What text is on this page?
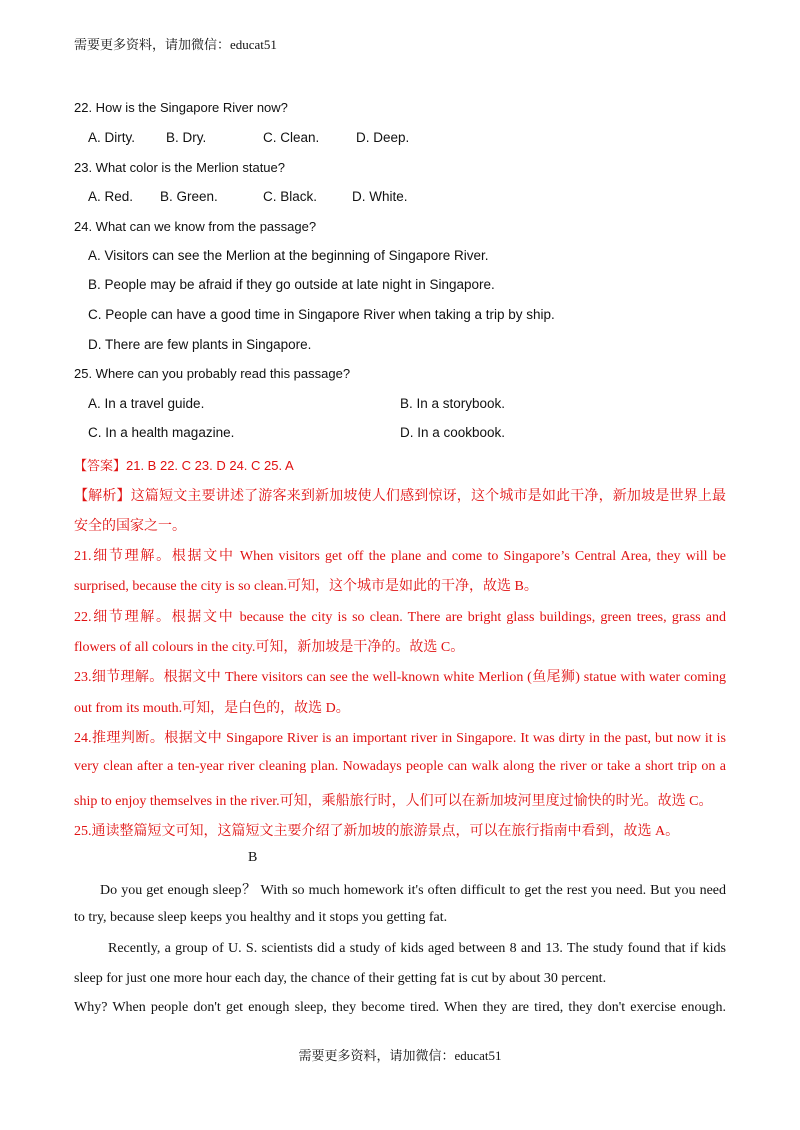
需要更多资料，请加微信：educat51
22. How is the Singapore River now?
A. Dirty. B. Dry.	C. Clean.	D. Deep.
23. What color is the Merlion statue?
A. Red. B. Green.	C. Black.	D. White.
24. What can we know from the passage?
A. Visitors can see the Merlion at the beginning of Singapore River.
B. People may be afraid if they go outside at late night in Singapore.
C. People can have a good time in Singapore River when taking a trip by ship.
D. There are few plants in Singapore.
25. Where can you probably read this passage?
A. In a travel guide.	B. In a storybook.
C. In a health magazine.	D. In a cookbook.
【答案】21. B 22. C 23. D 24. C 25. A
【解析】这篇短文主要讲述了游客来到新加坡使人们感到惊讶，这个城市是如此干净，新加坡是世界上最
安全的国家之一。
21.细节理解。根据文中 When visitors get off the plane and come to Singapore’s Central Area, they will be
surprised, because the city is so clean.可知，这个城市是如此的干净，故选 B。
22.细节理解。根据文中 because the city is so clean. There are bright glass buildings, green trees, grass and
flowers of all colours in the city.可知，新加坡是干净的。故选 C。
23.细节理解。根据文中 There visitors can see the well-known white Merlion (鱼尾狮) statue with water coming
out from its mouth.可知，是白色的，故选 D。
24.推理判断。根据文中 Singapore River is an important river in Singapore. It was dirty in the past, but now it is
very clean after a ten-year river cleaning plan. Nowadays people can walk along the river or take a short trip on a
ship to enjoy themselves in the river.可知，乘船旅行时，人们可以在新加坡河里度过愉快的时光。故选 C。
25.通读整篇短文可知，这篇短文主要介绍了新加坡的旅游景点，可以在旅行指南中看到，故选 A。
B
Do you get enough sleep？ With so much homework it's often difficult to get the rest you need. But you need
to try, because sleep keeps you healthy and it stops you getting fat.
Recently, a group of U. S. scientists did a study of kids aged between 8 and 13. The study found that if kids
sleep for just one more hour each day, the chance of their getting fat is cut by about 30 percent.
Why? When people don't get enough sleep, they become tired. When they are tired, they don't exercise enough.
需要更多资料，请加微信：educat51
